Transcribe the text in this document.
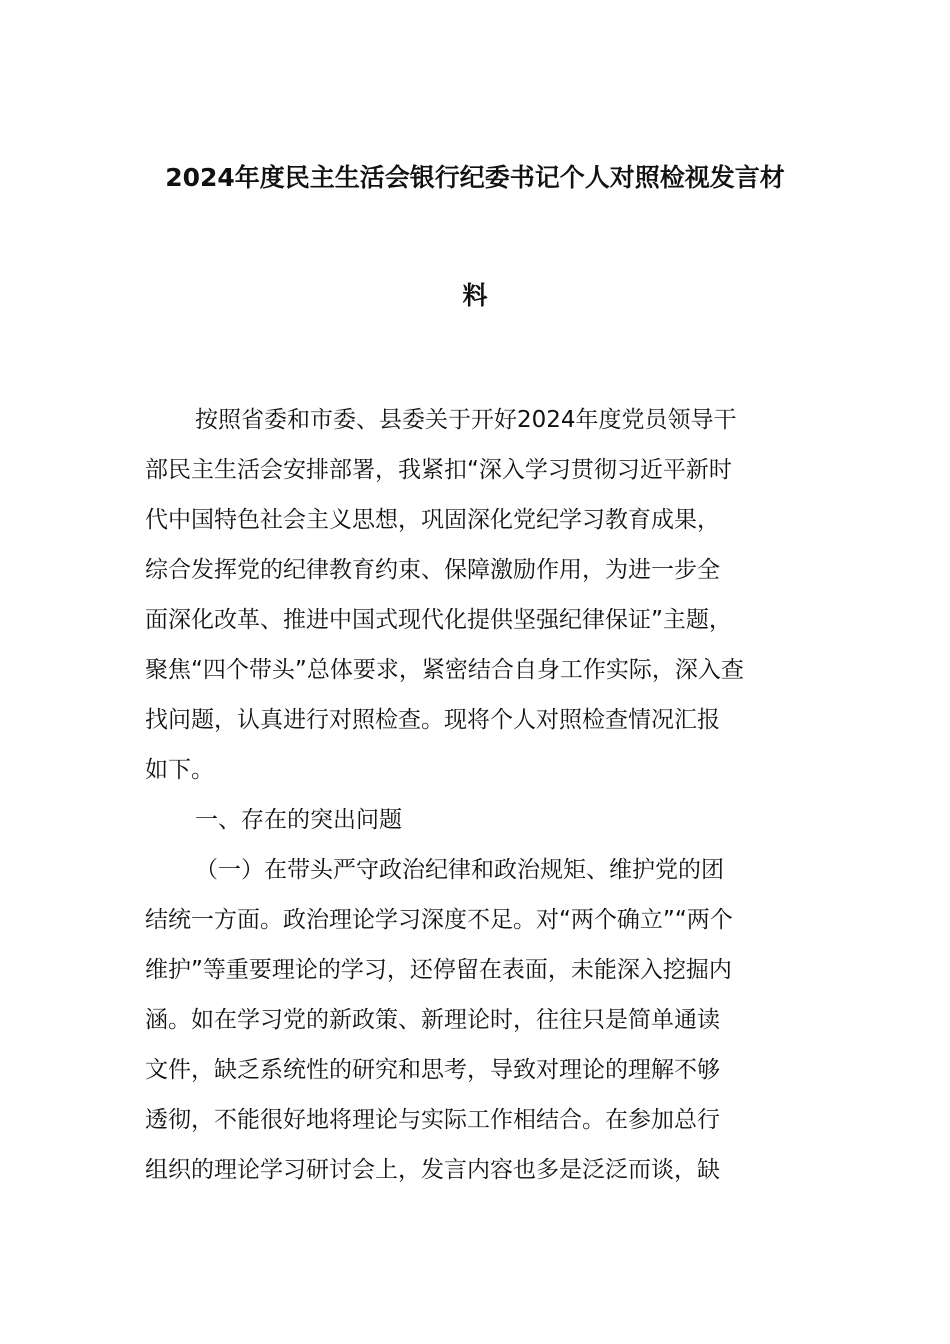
2024年度民主生活会银行纪委书记个人对照检视发言材
料
按照省委和市委、县委关于开好2024年度党员领导干
部民主生活会安排部署，我紧扣“深入学习贯彻习近平新时
代中国特色社会主义思想，巩固深化党纪学习教育成果，
综合发挥党的纪律教育约束、保障激励作用，为进一步全
面深化改革、推进中国式现代化提供坚强纪律保证”主题，
聚焦“四个带头”总体要求，紧密结合自身工作实际，深入查
找问题，认真进行对照检查。现将个人对照检查情况汇报
如下。
一、存在的突出问题
（一）在带头严守政治纪律和政治规矩、维护党的团
结统一方面。政治理论学习深度不足。对“两个确立”“两个
维护”等重要理论的学习，还停留在表面，未能深入挖掘内
涵。如在学习党的新政策、新理论时，往往只是简单通读
文件，缺乏系统性的研究和思考，导致对理论的理解不够
透彻，不能很好地将理论与实际工作相结合。在参加总行
组织的理论学习研讨会上，发言内容也多是泛泛而谈，缺
